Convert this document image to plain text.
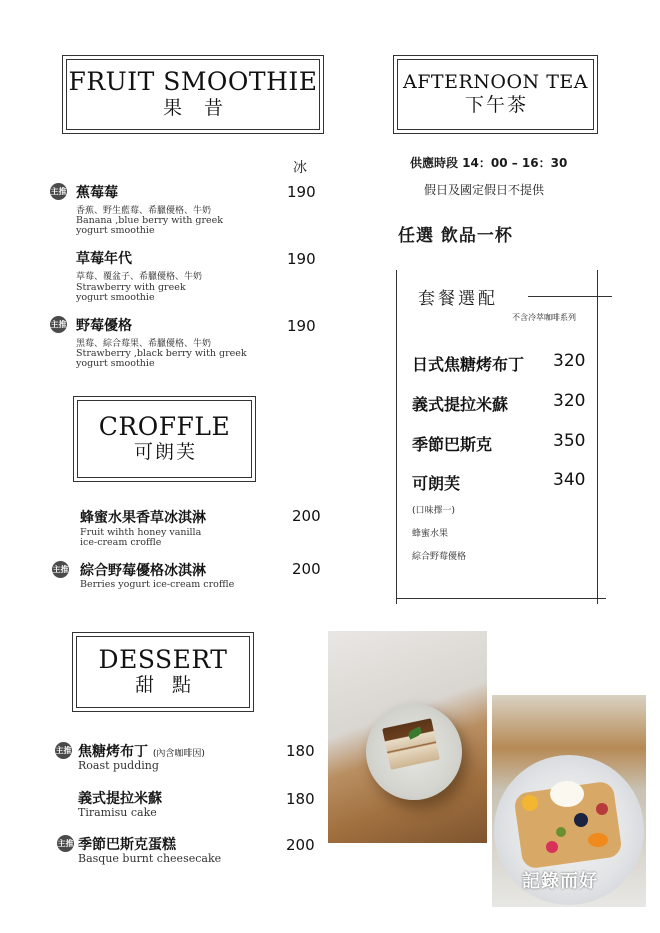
FRUIT SMOOTHIE
果 昔
冰
主推 蕉莓莓
香蕉、野生藍莓、希臘優格、牛奶
Banana ,blue berry with greek
yogurt smoothie
190
草莓年代
草莓、覆盆子、希臘優格、牛奶
Strawberry with greek
yogurt smoothie
190
主推 野莓優格
黑莓、綜合莓果、希臘優格、牛奶
Strawberry ,black berry with greek
yogurt smoothie
190
CROFFLE
可朗芙
蜂蜜水果香草冰淇淋
Fruit wihth honey vanilla
ice-cream croffle
200
主推 綜合野莓優格冰淇淋
Berries yogurt ice-cream croffle
200
DESSERT
甜 點
主推 焦糖烤布丁 (內含咖啡因)
Roast pudding
180
義式提拉米蘇
Tiramisu cake
180
主推 季節巴斯克蛋糕
Basque burnt cheesecake
200
AFTERNOON TEA
下午茶
供應時段 14：00 – 16：30
假日及國定假日不提供
任選 飲品一杯
套餐選配
不含冷萃咖啡系列
日式焦糖烤布丁 320
義式提拉米蘇	320
季節巴斯克	350
可朗芙	340
(口味擇一)
蜂蜜水果
綜合野莓優格
記錄而好
